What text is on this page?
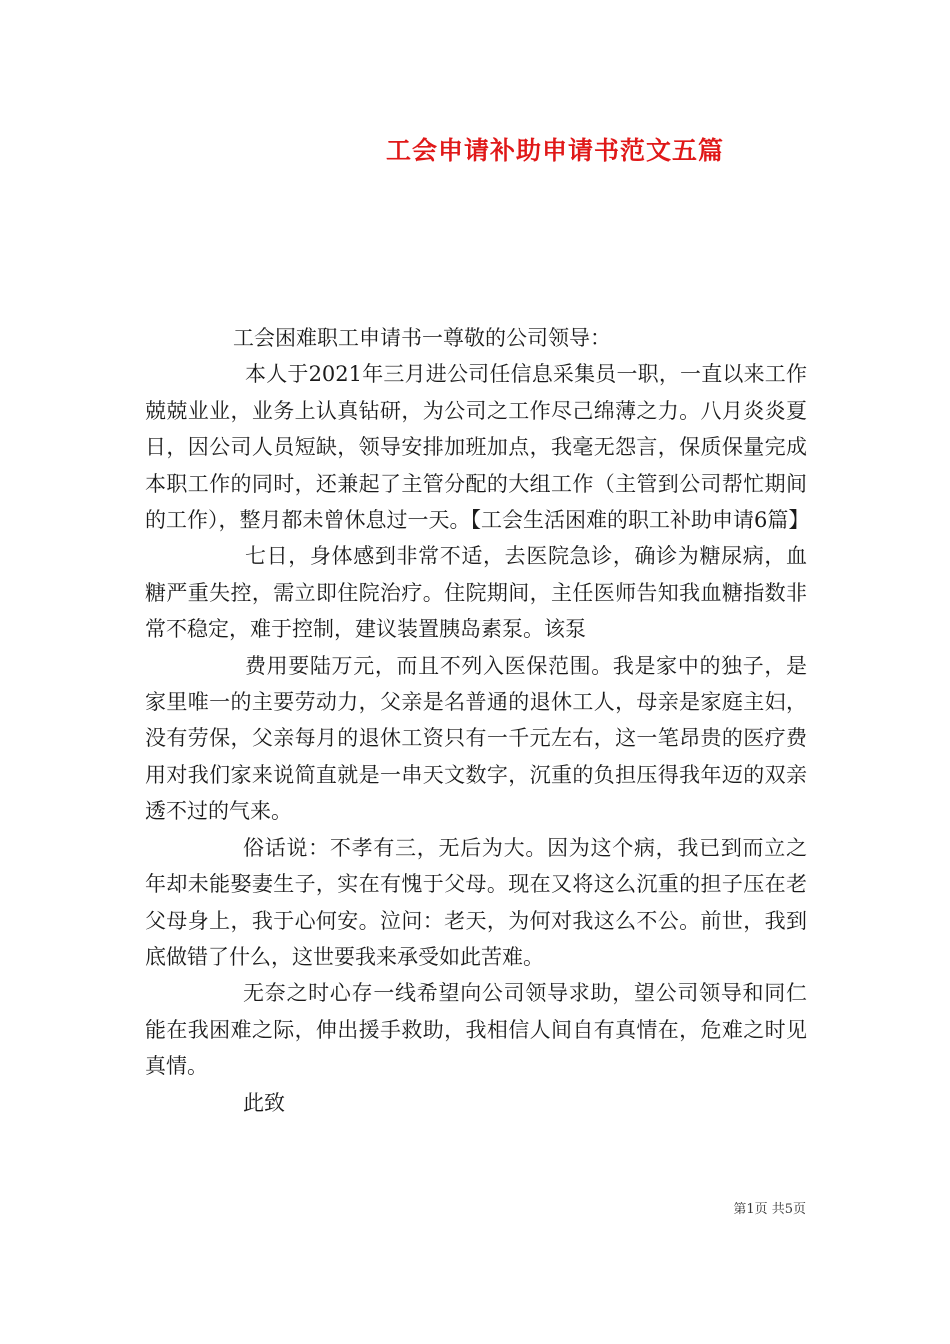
工会申请补助申请书范文五篇

工会困难职工申请书一尊敬的公司领导：

本人于2021年三月进公司任信息采集员一职，一直以来工作兢兢业业，业务上认真钻研，为公司之工作尽己绵薄之力。八月炎炎夏日，因公司人员短缺，领导安排加班加点，我毫无怨言，保质保量完成本职工作的同时，还兼起了主管分配的大组工作（主管到公司帮忙期间的工作），整月都未曾休息过一天。【工会生活困难的职工补助申请6篇】

七日，身体感到非常不适，去医院急诊，确诊为糖尿病，血糖严重失控，需立即住院治疗。住院期间，主任医师告知我血糖指数非常不稳定，难于控制，建议装置胰岛素泵。该泵

费用要陆万元，而且不列入医保范围。我是家中的独子，是家里唯一的主要劳动力，父亲是名普通的退休工人，母亲是家庭主妇，没有劳保，父亲每月的退休工资只有一千元左右，这一笔昂贵的医疗费用对我们家来说简直就是一串天文数字，沉重的负担压得我年迈的双亲透不过的气来。

俗话说：不孝有三，无后为大。因为这个病，我已到而立之年却未能娶妻生子，实在有愧于父母。现在又将这么沉重的担子压在老父母身上，我于心何安。泣问：老天，为何对我这么不公。前世，我到底做错了什么，这世要我来承受如此苦难。

无奈之时心存一线希望向公司领导求助，望公司领导和同仁能在我困难之际，伸出援手救助，我相信人间自有真情在，危难之时见真情。

此致

第1页 共5页
